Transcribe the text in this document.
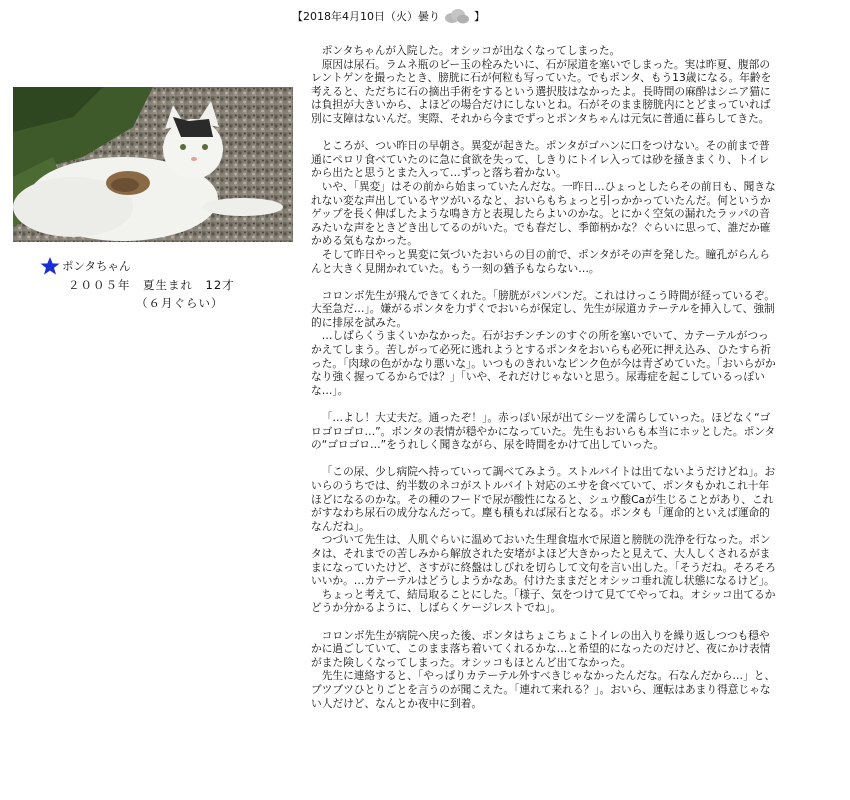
【2018年4月10日（火）曇り	】
ポンタちゃん
２００５年　夏生まれ　12才
（６月ぐらい）

ポンタちゃんが入院した。オシッコが出なくなってしまった。

原因は尿石。ラムネ瓶のビー玉の栓みたいに、石が尿道を塞いでしまった。実は昨夏、腹部のレントゲンを撮ったとき、膀胱に石が何粒も写っていた。でもポンタ、もう13歳になる。年齢を考えると、ただちに石の摘出手術をするという選択肢はなかったよ。長時間の麻酔はシニア猫には負担が大きいから、よほどの場合だけにしないとね。石がそのまま膀胱内にとどまっていれば別に支障はないんだ。実際、それから今までずっとポンタちゃんは元気に普通に暮らしてきた。

ところが、つい昨日の早朝さ。異変が起きた。ポンタがゴハンに口をつけない。その前まで普通にペロリ食べていたのに急に食欲を失って、しきりにトイレ入っては砂を掻きまくり、トイレから出たと思うとまた入って…ずっと落ち着かない。

いや、「異変」はその前から始まっていたんだな。一昨日…ひょっとしたらその前日も、聞きなれない変な声出しているヤツがいるなと、おいらもちょっと引っかかっていたんだ。何というかゲップを長く伸ばしたような鳴き方と表現したらよいのかな。とにかく空気の漏れたラッパの音みたいな声をときどき出してるのがいた。でも春だし、季節柄かな？ぐらいに思って、誰だか確かめる気もなかった。

そして昨日やっと異変に気づいたおいらの目の前で、ポンタがその声を発した。瞳孔がらんらんと大きく見開かれていた。もう一刻の猶予もならない…。

コロンボ先生が飛んできてくれた。「膀胱がパンパンだ。これはけっこう時間が経っているぞ。大至急だ…」。嫌がるポンタを力ずくでおいらが保定し、先生が尿道カテーテルを挿入して、強制的に排尿を試みた。

…しばらくうまくいかなかった。石がおチンチンのすぐの所を塞いでいて、カテーテルがつっかえてしまう。苦しがって必死に逃れようとするポンタをおいらも必死に押え込み、ひたすら祈った。「肉球の色がかなり悪いな」。いつものきれいなピンク色が今は青ざめていた。「おいらがかなり強く握ってるからでは？」「いや、それだけじゃないと思う。尿毒症を起こしているっぽいな…」。

「…よし！大丈夫だ。通ったぞ！」。赤っぽい尿が出てシーツを濡らしていった。ほどなく“ゴロゴロゴロ…”。ポンタの表情が穏やかになっていた。先生もおいらも本当にホッとした。ポンタの“ゴロゴロ…”をうれしく聞きながら、尿を時間をかけて出していった。

「この尿、少し病院へ持っていって調べてみよう。ストルバイトは出てないようだけどね」。おいらのうちでは、約半数のネコがストルバイト対応のエサを食べていて、ポンタもかれこれ十年ほどになるのかな。その種のフードで尿が酸性になると、シュウ酸Caが生じることがあり、これがすなわち尿石の成分なんだって。塵も積もれば尿石となる。ポンタも「運命的といえば運命的なんだね」。

つづいて先生は、人肌ぐらいに温めておいた生理食塩水で尿道と膀胱の洗浄を行なった。ポンタは、それまでの苦しみから解放された安堵がよほど大きかったと見えて、大人しくされるがままになっていたけど、さすがに終盤はしびれを切らして文句を言い出した。「そうだね。そろそろいいか。…カテーテルはどうしようかなあ。付けたままだとオシッコ垂れ流し状態になるけど」。

ちょっと考えて、結局取ることにした。「様子、気をつけて見ててやってね。オシッコ出てるかどうか分かるように、しばらくケージレストでね」。

コロンボ先生が病院へ戻った後、ポンタはちょこちょこトイレの出入りを繰り返しつつも穏やかに過ごしていて、このまま落ち着いてくれるかな…と希望的になったのだけど、夜にかけ表情がまた険しくなってしまった。オシッコもほとんど出てなかった。

先生に連絡すると、「やっぱりカテーテル外すべきじゃなかったんだな。石なんだから…」と、ブツブツひとりごとを言うのが聞こえた。「連れて来れる？」。おいら、運転はあまり得意じゃない人だけど、なんとか夜中に到着。
